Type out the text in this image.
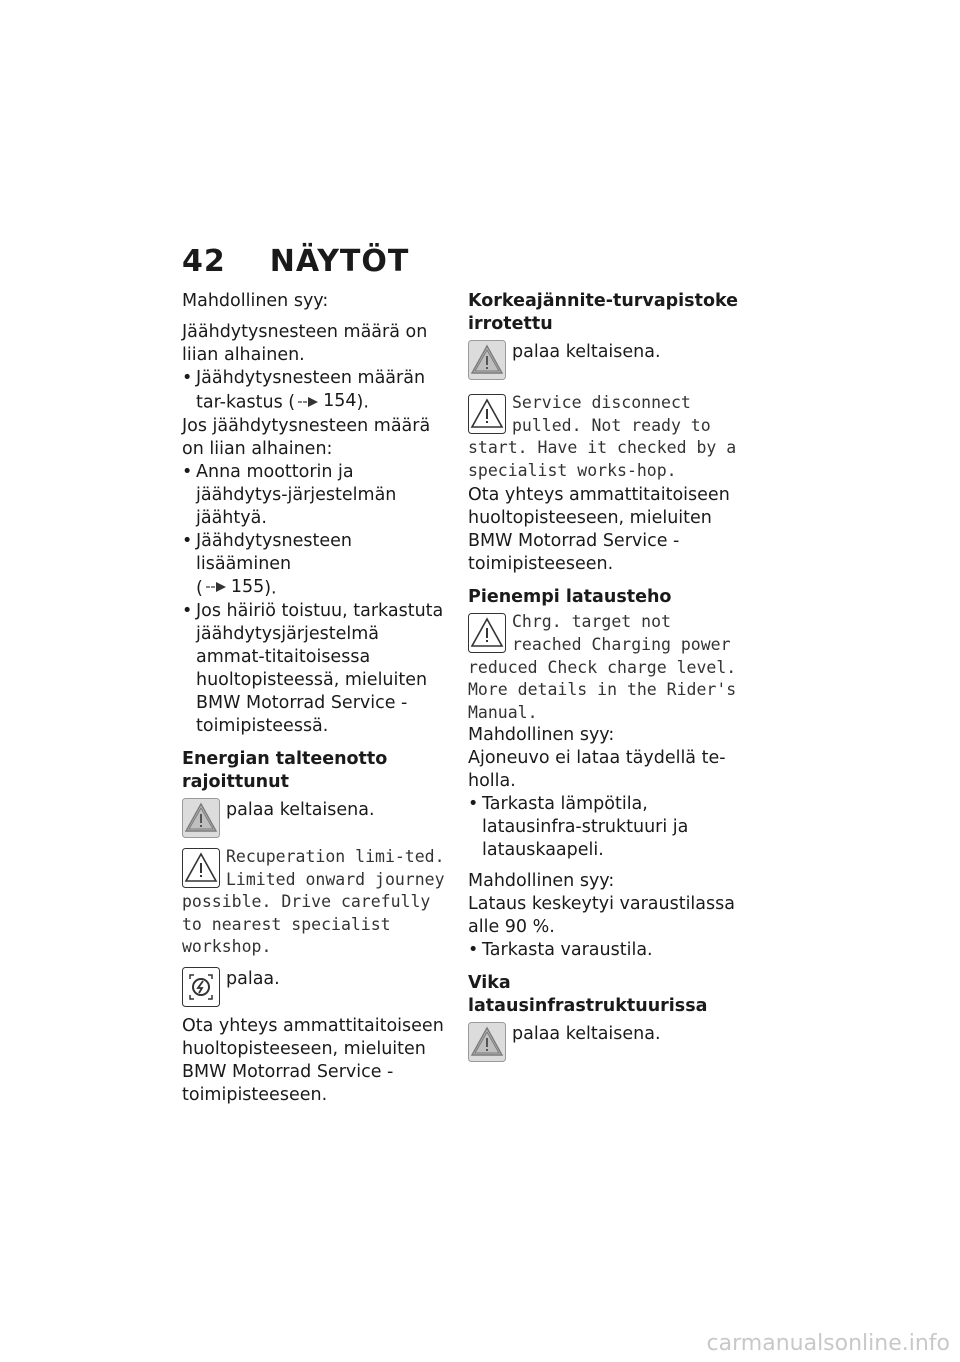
42 NÄYTÖT

Mahdollinen syy:

Jäähdytysnesteen määrä on liian alhainen.

• Jäähdytysnesteen määrän tar-kastus ( 154 ).

Jos jäähdytysnesteen määrä on liian alhainen:

• Anna moottorin ja jäähdytys-järjestelmän jäähtyä.

• Jäähdytysnesteen lisääminen
( 155 ).

• Jos häiriö toistuu, tarkastuta jäähdytysjärjestelmä ammat-titaitoisessa huoltopisteessä, mieluiten BMW Motorrad Service -toimipisteessä.

Energian talteenotto rajoittunut

palaa keltaisena.
Recuperation limi-ted. Limited onward journey possible. Drive carefully to nearest specialist workshop.
palaa.

Ota yhteys ammattitaitoiseen huoltopisteeseen, mieluiten BMW Motorrad Service -toimipisteeseen.

Korkeajännite-turvapistoke irrotettu

palaa keltaisena.
Service disconnect pulled. Not ready to start. Have it checked by a specialist works-hop.

Ota yhteys ammattitaitoiseen huoltopisteeseen, mieluiten BMW Motorrad Service -toimipisteeseen.

Pienempi latausteho

Chrg. target not reached Charging power reduced Check charge level. More details in the Rider's Manual.

Mahdollinen syy:

Ajoneuvo ei lataa täydellä te-holla.

• Tarkasta lämpötila, latausinfra-struktuuri ja latauskaapeli.

Mahdollinen syy:

Lataus keskeytyi varaustilassa alle 90 %.

• Tarkasta varaustila.

Vika latausinfrastruktuurissa

palaa keltaisena.
carmanualsonline.info
